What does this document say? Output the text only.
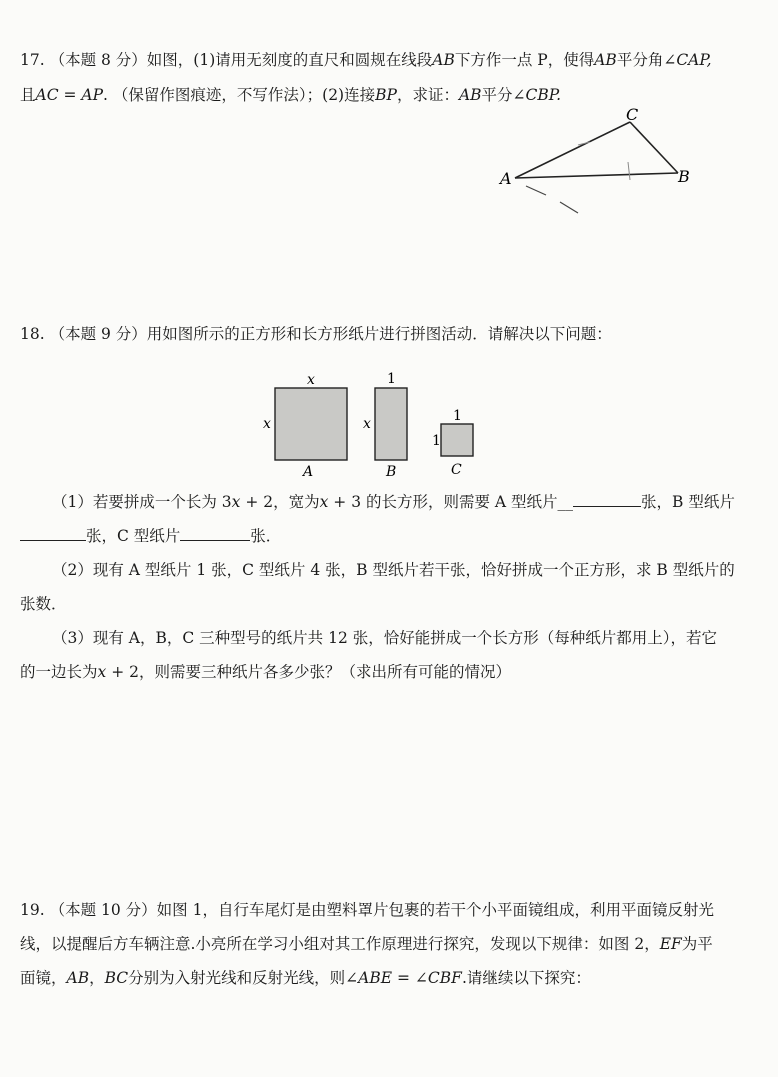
17. （本题 8 分）如图，(1)请用无刻度的直尺和圆规在线段AB下方作一点 P，使得AB平分角∠CAP,
且AC = AP. （保留作图痕迹，不写作法）；(2)连接BP，求证：AB平分∠CBP.
A	B
C
18. （本题 9 分）用如图所示的正方形和长方形纸片进行拼图活动．请解决以下问题：
x
x
A
1
x
B
1
1
C
（1）若要拼成一个长为 3x + 2，宽为x + 3 的长方形，则需要 A 型纸片__	张，B 型纸片
张，C 型纸片	张．
（2）现有 A 型纸片 1 张，C 型纸片 4 张，B 型纸片若干张，恰好拼成一个正方形，求 B 型纸片的
张数．
（3）现有 A，B，C 三种型号的纸片共 12 张，恰好能拼成一个长方形（每种纸片都用上），若它
的一边长为x + 2，则需要三种纸片各多少张？（求出所有可能的情况）
19. （本题 10 分）如图 1，自行车尾灯是由塑料罩片包裹的若干个小平面镜组成，利用平面镜反射光
线，以提醒后方车辆注意.小亮所在学习小组对其工作原理进行探究，发现以下规律：如图 2，EF为平
面镜，AB，BC分别为入射光线和反射光线，则∠ABE = ∠CBF.请继续以下探究：
